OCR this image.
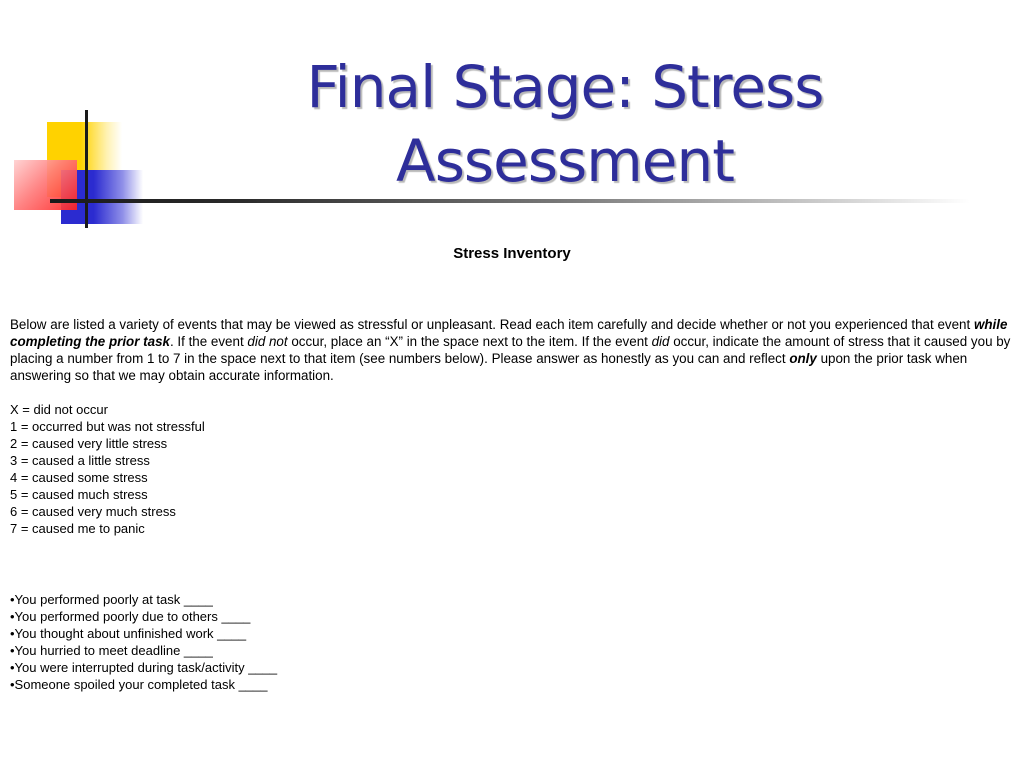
Final Stage: Stress
Assessment
Stress Inventory

Below are listed a variety of events that may be viewed as stressful or unpleasant. Read each item carefully and decide whether or not you experienced that event while completing the prior task. If the event did not occur, place an “X” in the space next to the item. If the event did occur, indicate the amount of stress that it caused you by placing a number from 1 to 7 in the space next to that item (see numbers below). Please answer as honestly as you can and reflect only upon the prior task when answering so that we may obtain accurate information.

X = did not occur
1 = occurred but was not stressful
2 = caused very little stress
3 = caused a little stress
4 = caused some stress
5 = caused much stress
6 = caused very much stress
7 = caused me to panic
•You performed poorly at task ____
•You performed poorly due to others ____
•You thought about unfinished work ____
•You hurried to meet deadline ____
•You were interrupted during task/activity ____
•Someone spoiled your completed task ____
